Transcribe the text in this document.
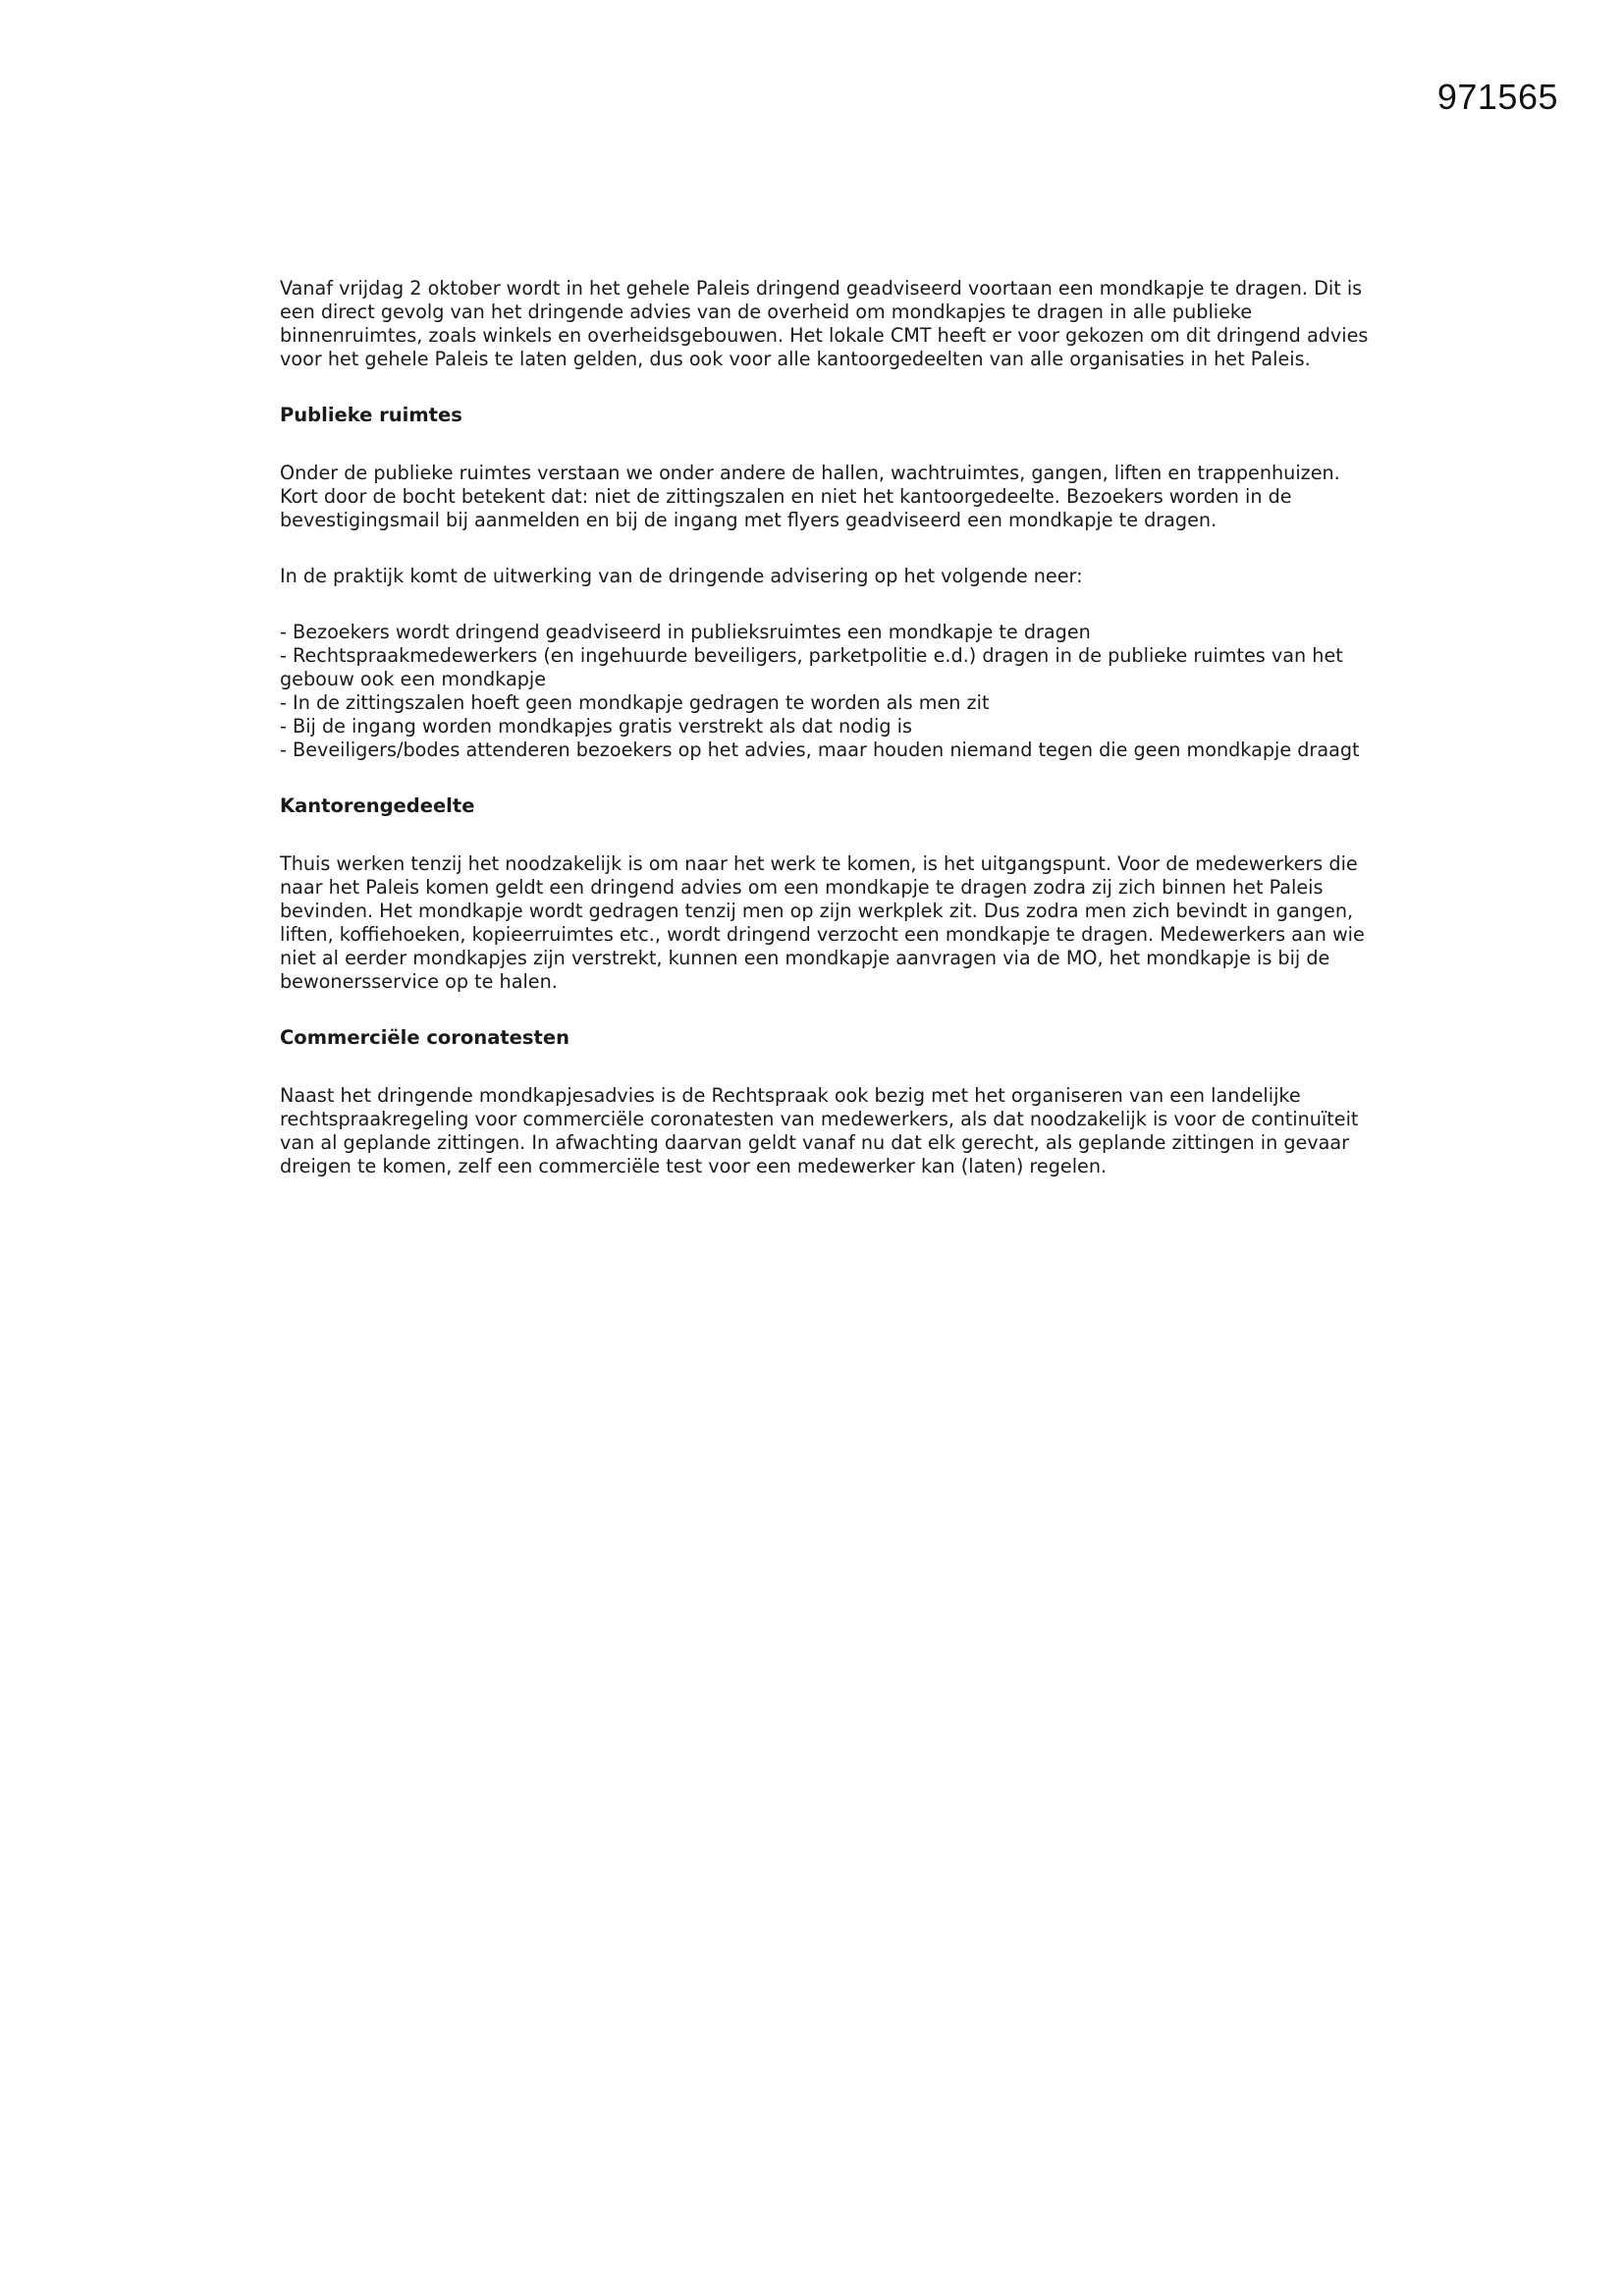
971565

Vanaf vrijdag 2 oktober wordt in het gehele Paleis dringend geadviseerd voortaan een mondkapje te dragen. Dit is een direct gevolg van het dringende advies van de overheid om mondkapjes te dragen in alle publieke binnenruimtes, zoals winkels en overheidsgebouwen. Het lokale CMT heeft er voor gekozen om dit dringend advies voor het gehele Paleis te laten gelden, dus ook voor alle kantoorgedeelten van alle organisaties in het Paleis.

Publieke ruimtes

Onder de publieke ruimtes verstaan we onder andere de hallen, wachtruimtes, gangen, liften en trappenhuizen. Kort door de bocht betekent dat: niet de zittingszalen en niet het kantoorgedeelte. Bezoekers worden in de bevestigingsmail bij aanmelden en bij de ingang met flyers geadviseerd een mondkapje te dragen.

In de praktijk komt de uitwerking van de dringende advisering op het volgende neer:

- Bezoekers wordt dringend geadviseerd in publieksruimtes een mondkapje te dragen
- Rechtspraakmedewerkers (en ingehuurde beveiligers, parketpolitie e.d.) dragen in de publieke ruimtes van het gebouw ook een mondkapje
- In de zittingszalen hoeft geen mondkapje gedragen te worden als men zit
- Bij de ingang worden mondkapjes gratis verstrekt als dat nodig is
- Beveiligers/bodes attenderen bezoekers op het advies, maar houden niemand tegen die geen mondkapje draagt
Kantorengedeelte

Thuis werken tenzij het noodzakelijk is om naar het werk te komen, is het uitgangspunt. Voor de medewerkers die naar het Paleis komen geldt een dringend advies om een mondkapje te dragen zodra zij zich binnen het Paleis bevinden. Het mondkapje wordt gedragen tenzij men op zijn werkplek zit. Dus zodra men zich bevindt in gangen, liften, koffiehoeken, kopieerruimtes etc., wordt dringend verzocht een mondkapje te dragen. Medewerkers aan wie niet al eerder mondkapjes zijn verstrekt, kunnen een mondkapje aanvragen via de MO, het mondkapje is bij de bewonersservice op te halen.

Commerciële coronatesten

Naast het dringende mondkapjesadvies is de Rechtspraak ook bezig met het organiseren van een landelijke rechtspraakregeling voor commerciële coronatesten van medewerkers, als dat noodzakelijk is voor de continuïteit van al geplande zittingen. In afwachting daarvan geldt vanaf nu dat elk gerecht, als geplande zittingen in gevaar dreigen te komen, zelf een commerciële test voor een medewerker kan (laten) regelen.
